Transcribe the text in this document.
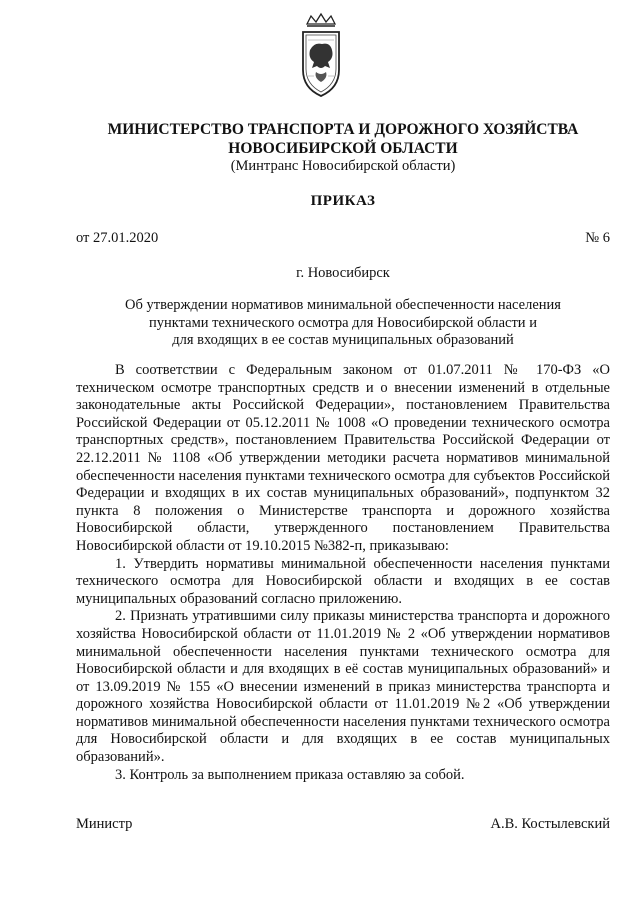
МИНИСТЕРСТВО ТРАНСПОРТА И ДОРОЖНОГО ХОЗЯЙСТВА
НОВОСИБИРСКОЙ ОБЛАСТИ
(Минтранс Новосибирской области)
ПРИКАЗ
от 27.01.2020	№ 6
г. Новосибирск
Об утверждении нормативов минимальной обеспеченности населения
пунктами технического осмотра для Новосибирской области и
для входящих в ее состав муниципальных образований

В соответствии с Федеральным законом от 01.07.2011 № 170-ФЗ «О техническом осмотре транспортных средств и о внесении изменений в отдельные законодательные акты Российской Федерации», постановлением Правительства Российской Федерации от 05.12.2011 № 1008 «О проведении технического осмотра транспортных средств», постановлением Правительства Российской Федерации от 22.12.2011 № 1108 «Об утверждении методики расчета нормативов минимальной обеспеченности населения пунктами технического осмотра для субъектов Российской Федерации и входящих в их состав муниципальных образований», подпунктом 32 пункта 8 положения о Министерстве транспорта и дорожного хозяйства Новосибирской области, утвержденного постановлением Правительства Новосибирской области от 19.10.2015 №382-п, приказываю:

1. Утвердить нормативы минимальной обеспеченности населения пунктами технического осмотра для Новосибирской области и входящих в ее состав муниципальных образований согласно приложению.

2. Признать утратившими силу приказы министерства транспорта и дорожного хозяйства Новосибирской области от 11.01.2019 № 2 «Об утверждении нормативов минимальной обеспеченности населения пунктами технического осмотра для Новосибирской области и для входящих в её состав муниципальных образований» и от 13.09.2019 № 155 «О внесении изменений в приказ министерства транспорта и дорожного хозяйства Новосибирской области от 11.01.2019 №2 «Об утверждении нормативов минимальной обеспеченности населения пунктами технического осмотра для Новосибирской области и для входящих в ее состав муниципальных образований».

3. Контроль за выполнением приказа оставляю за собой.

Министр	А.В. Костылевский
